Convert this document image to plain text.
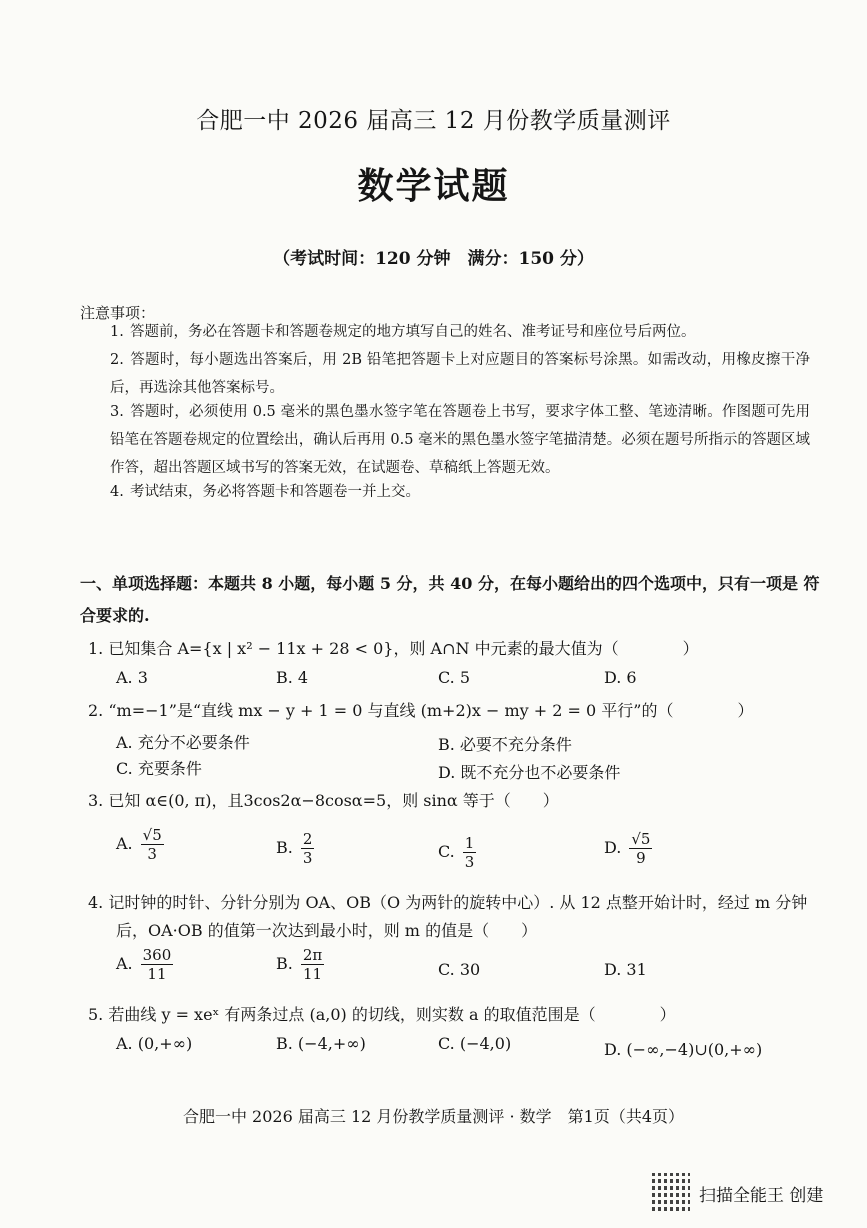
合肥一中 2026 届高三 12 月份教学质量测评
数学试题
（考试时间：120 分钟　满分：150 分）
注意事项：
1. 答题前，务必在答题卡和答题卷规定的地方填写自己的姓名、准考证号和座位号后两位。
2. 答题时，每小题选出答案后，用 2B 铅笔把答题卡上对应题目的答案标号涂黑。如需改动，用橡皮擦干净后，再选涂其他答案标号。
3. 答题时，必须使用 0.5 毫米的黑色墨水签字笔在答题卷上书写，要求字体工整、笔迹清晰。作图题可先用铅笔在答题卷规定的位置绘出，确认后再用 0.5 毫米的黑色墨水签字笔描清楚。必须在题号所指示的答题区域作答，超出答题区域书写的答案无效，在试题卷、草稿纸上答题无效。
4. 考试结束，务必将答题卡和答题卷一并上交。
一、单项选择题：本题共 8 小题，每小题 5 分，共 40 分，在每小题给出的四个选项中，只有一项是 符合要求的.
1. 已知集合 A={x | x² − 11x + 28 < 0}，则 A∩N 中元素的最大值为（　　　　）
A. 3	B. 4	C. 5	D. 6
2. “m=−1”是“直线 mx − y + 1 = 0 与直线 (m+2)x − my + 2 = 0 平行”的（　　　　）
A. 充分不必要条件	B. 必要不充分条件
C. 充要条件	D. 既不充分也不必要条件
3. 已知 α∈(0, π)，且3cos2α−8cosα=5，则 sinα 等于（　　）
A. $\frac{√5}{3}$	B. $\frac{2}{3}$	C. $\frac{1}{3}$	D. $\frac{√5}{9}$
4. 记时钟的时针、分针分别为 OA、OB（O 为两针的旋转中心）. 从 12 点整开始计时，经过 m 分钟
后，OA·OB 的值第一次达到最小时，则 m 的值是（　　）
A. $\frac{360}{11}$	B. $\frac{2\pi}{11}$	C. 30	D. 31
5. 若曲线 y = xeˣ 有两条过点 (a,0) 的切线，则实数 a 的取值范围是（　　　　）
A. (0,+∞)	B. (−4,+∞)	C. (−4,0)	D. (−∞,−4)∪(0,+∞)
合肥一中 2026 届高三 12 月份教学质量测评 · 数学　第1页（共4页）
扫描全能王 创建
